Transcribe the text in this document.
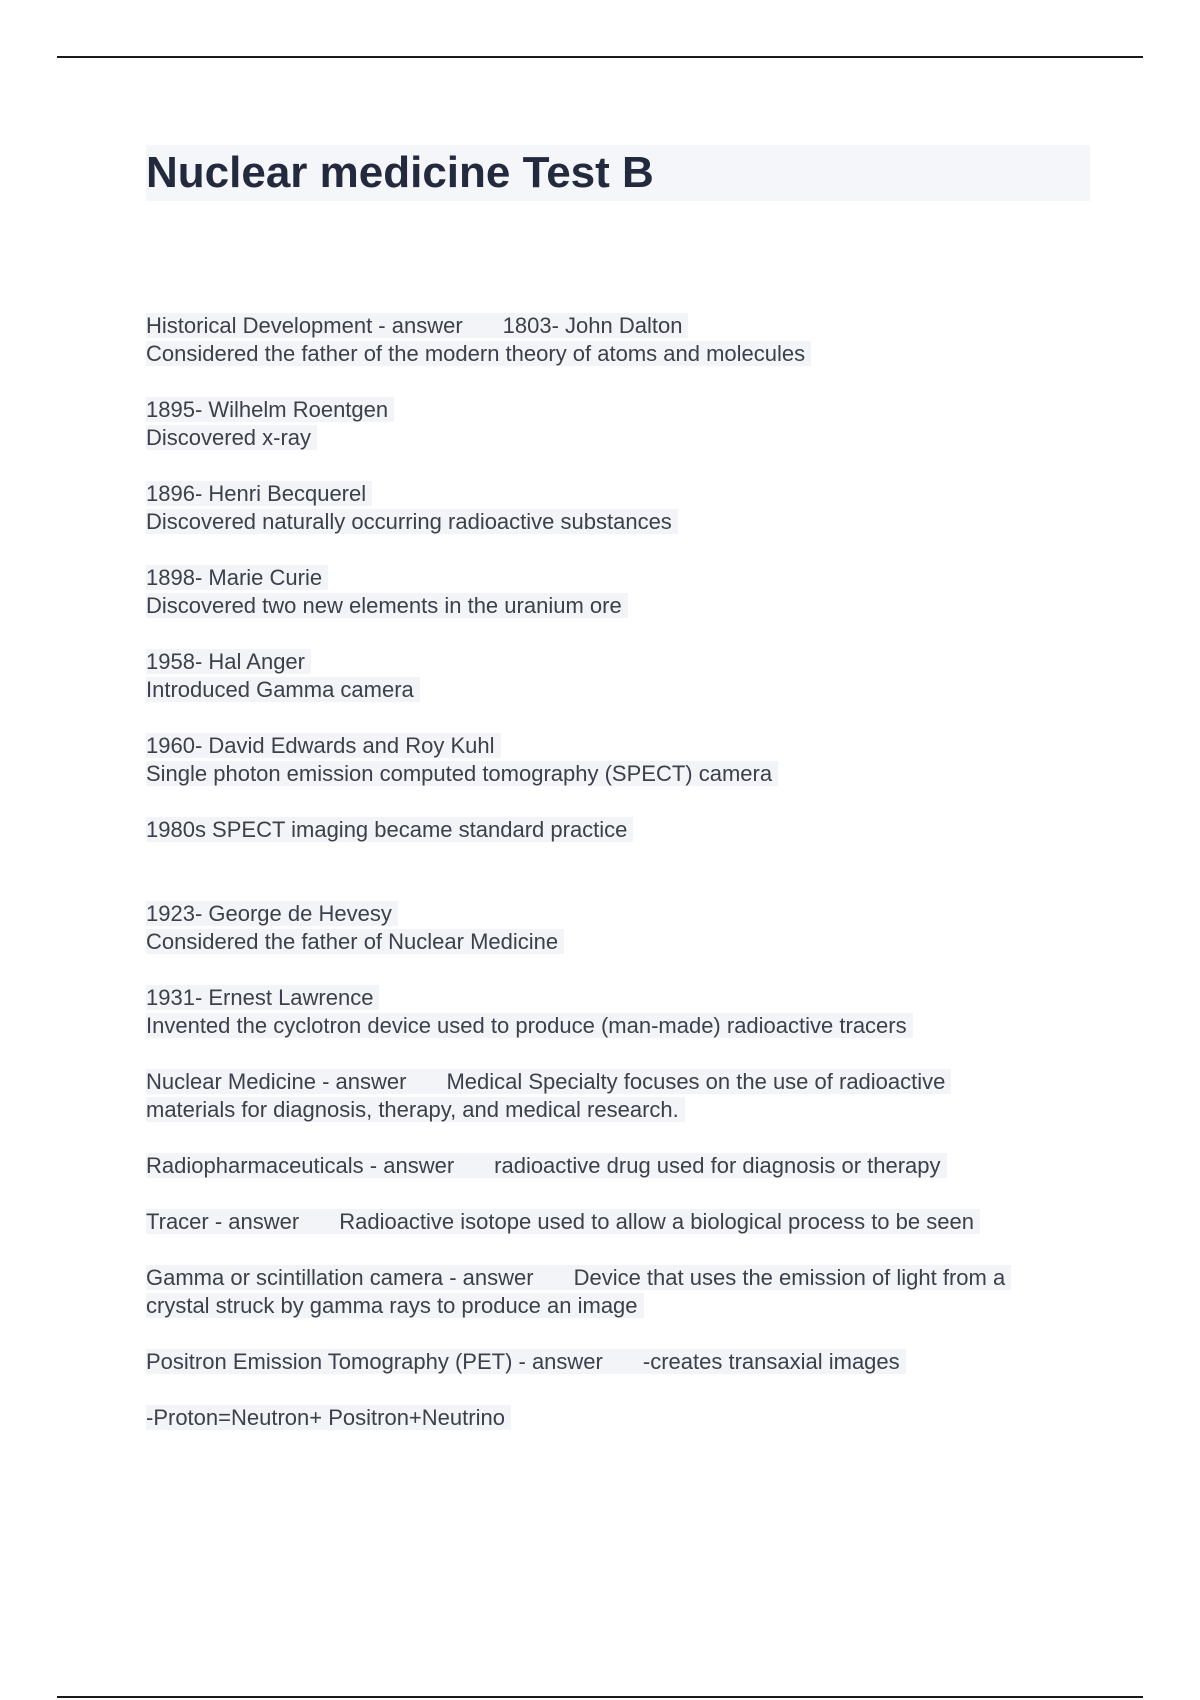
Nuclear medicine Test B
Historical Development - answer 1803- John Dalton
Considered the father of the modern theory of atoms and molecules
1895- Wilhelm Roentgen
Discovered x-ray
1896- Henri Becquerel
Discovered naturally occurring radioactive substances
1898- Marie Curie
Discovered two new elements in the uranium ore
1958- Hal Anger
Introduced Gamma camera
1960- David Edwards and Roy Kuhl
Single photon emission computed tomography (SPECT) camera
1980s SPECT imaging became standard practice
1923- George de Hevesy
Considered the father of Nuclear Medicine
1931- Ernest Lawrence
Invented the cyclotron device used to produce (man-made) radioactive tracers
Nuclear Medicine - answer Medical Specialty focuses on the use of radioactive
materials for diagnosis, therapy, and medical research.
Radiopharmaceuticals - answer radioactive drug used for diagnosis or therapy
Tracer - answer Radioactive isotope used to allow a biological process to be seen
Gamma or scintillation camera - answer Device that uses the emission of light from a
crystal struck by gamma rays to produce an image
Positron Emission Tomography (PET) - answer -creates transaxial images
-Proton=Neutron+ Positron+Neutrino
